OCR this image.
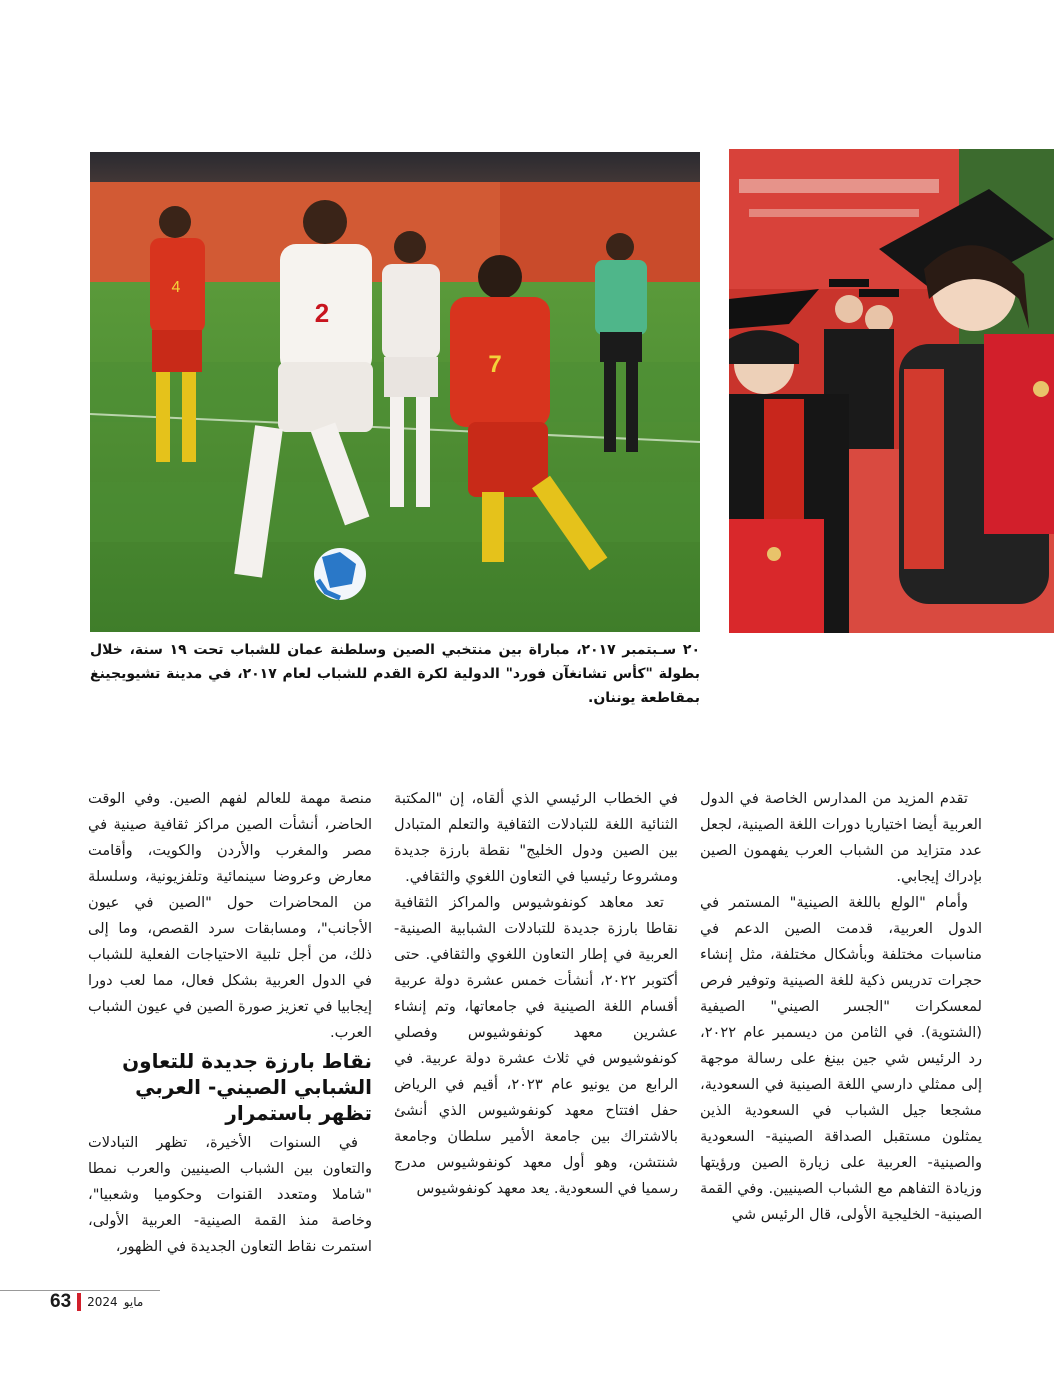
4
2
7
٢٠ سـبتمبر ٢٠١٧، مباراة بين منتخبي الصين وسلطنة عمان للشباب تحت ١٩ سنة، خلال بطولة "كأس تشانغآن فورد" الدولية لكرة القدم للشباب لعام ٢٠١٧، في مدينة تشيويجينغ بمقاطعة يوننان.

تقدم المزيد من المدارس الخاصة في الدول العربية أيضا اختياريا دورات اللغة الصينية، لجعل عدد متزايد من الشباب العرب يفهمون الصين بإدراك إيجابي.

وأمام "الولع باللغة الصينية" المستمر في الدول العربية، قدمت الصين الدعم في مناسبات مختلفة وبأشكال مختلفة، مثل إنشاء حجرات تدريس ذكية للغة الصينية وتوفير فرص لمعسكرات "الجسر الصيني" الصيفية (الشتوية). في الثامن من ديسمبر عام ٢٠٢٢، رد الرئيس شي جين بينغ على رسالة موجهة إلى ممثلي دارسي اللغة الصينية في السعودية، مشجعا جيل الشباب في السعودية الذين يمثلون مستقبل الصداقة الصينية- السعودية والصينية- العربية على زيارة الصين ورؤيتها وزيادة التفاهم مع الشباب الصينيين. وفي القمة الصينية- الخليجية الأولى، قال الرئيس شي

في الخطاب الرئيسي الذي ألقاه، إن "المكتبة الثنائية اللغة للتبادلات الثقافية والتعلم المتبادل بين الصين ودول الخليج" نقطة بارزة جديدة ومشروعا رئيسيا في التعاون اللغوي والثقافي.

تعد معاهد كونفوشيوس والمراكز الثقافية نقاطا بارزة جديدة للتبادلات الشبابية الصينية- العربية في إطار التعاون اللغوي والثقافي. حتى أكتوبر ٢٠٢٢، أنشأت خمس عشرة دولة عربية أقسام اللغة الصينية في جامعاتها، وتم إنشاء عشرين معهد كونفوشيوس وفصلي كونفوشيوس في ثلاث عشرة دولة عربية. في الرابع من يونيو عام ٢٠٢٣، أقيم في الرياض حفل افتتاح معهد كونفوشيوس الذي أنشئ بالاشتراك بين جامعة الأمير سلطان وجامعة شنتشن، وهو أول معهد كونفوشيوس مدرج رسميا في السعودية. يعد معهد كونفوشيوس

منصة مهمة للعالم لفهم الصين. وفي الوقت الحاضر، أنشأت الصين مراكز ثقافية صينية في مصر والمغرب والأردن والكويت، وأقامت معارض وعروضا سينمائية وتلفزيونية، وسلسلة من المحاضرات حول "الصين في عيون الأجانب"، ومسابقات سرد القصص، وما إلى ذلك، من أجل تلبية الاحتياجات الفعلية للشباب في الدول العربية بشكل فعال، مما لعب دورا إيجابيا في تعزيز صورة الصين في عيون الشباب العرب.

نقاط بارزة جديدة للتعاون الشبابي الصيني- العربي تظهر باستمرار

في السنوات الأخيرة، تظهر التبادلات والتعاون بين الشباب الصينيين والعرب نمطا "شاملا ومتعدد القنوات وحكوميا وشعبيا"، وخاصة منذ القمة الصينية- العربية الأولى، استمرت نقاط التعاون الجديدة في الظهور،

63 2024 مايو
